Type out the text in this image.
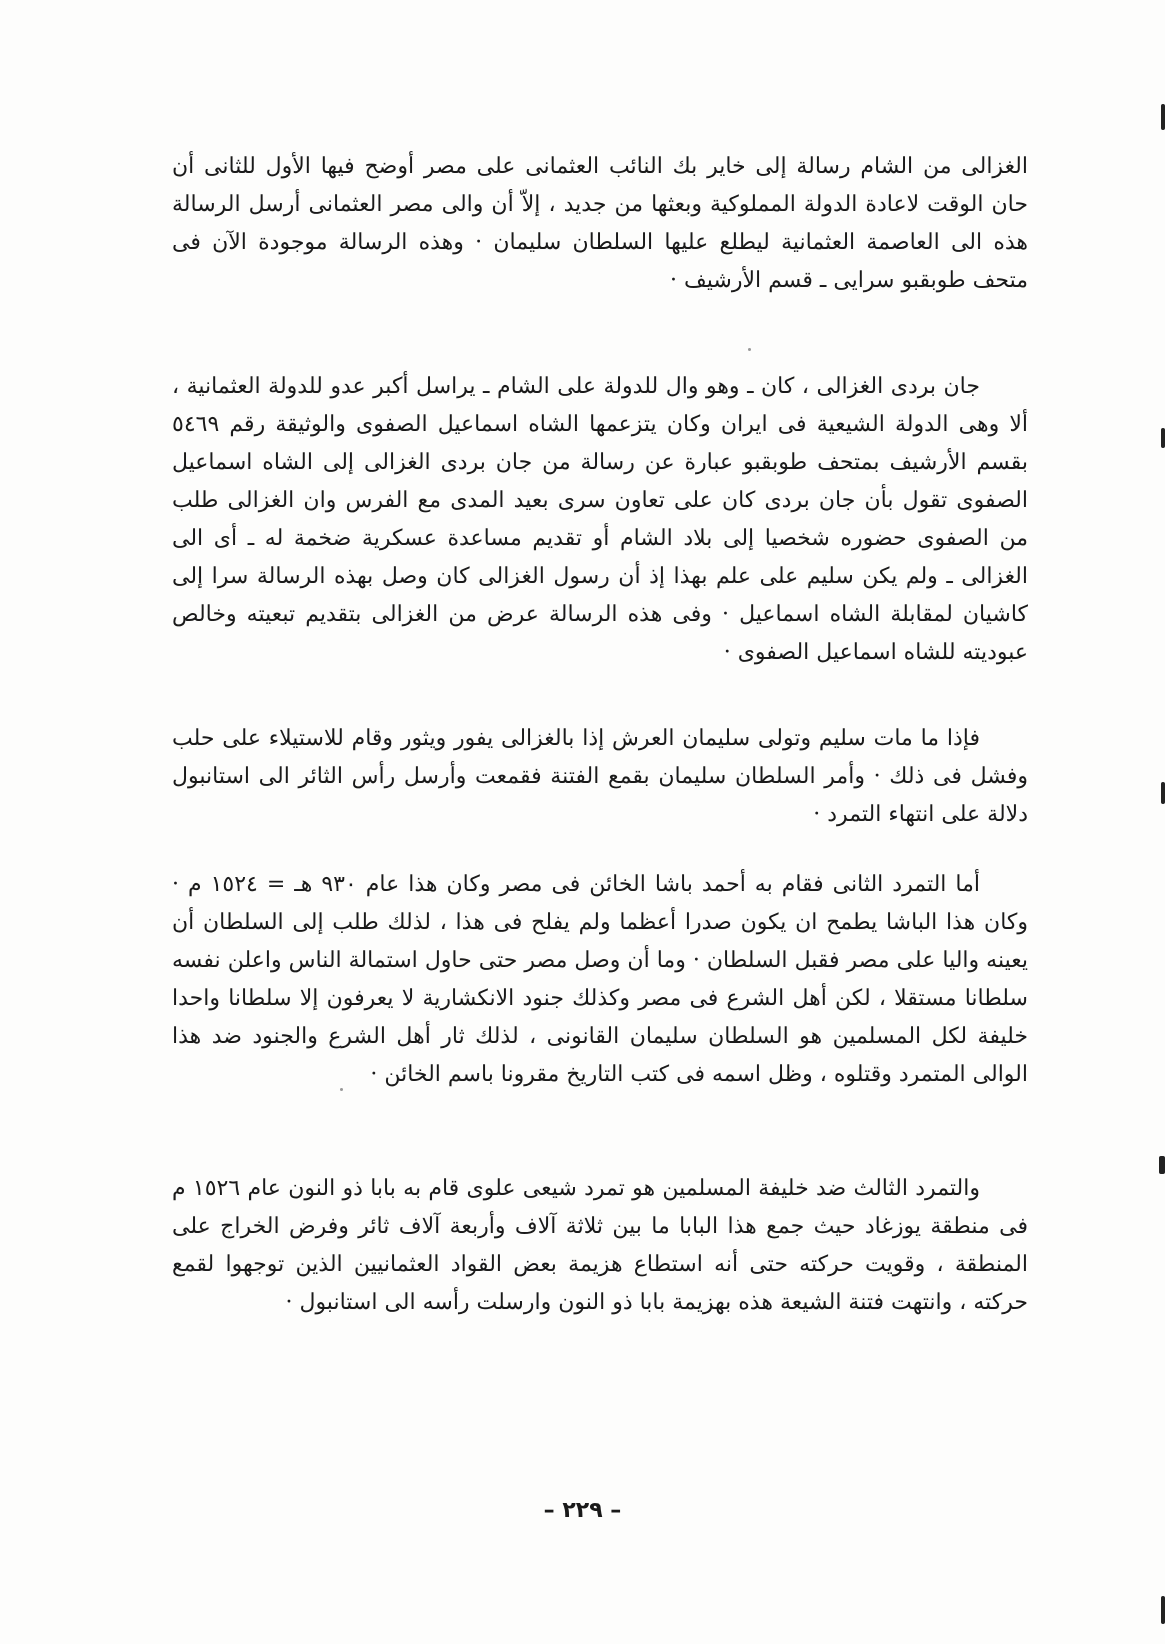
الغزالى من الشام رسالة إلى خاير بك النائب العثمانى على مصر أوضح فيها الأول للثانى أن حان الوقت لاعادة الدولة المملوكية وبعثها من جديد ، إلاّ أن والى مصر العثمانى أرسل الرسالة هذه الى العاصمة العثمانية ليطلع عليها السلطان سليمان · وهذه الرسالة موجودة الآن فى متحف طوبقبو سرايى ـ قسم الأرشيف ·

جان بردى الغزالى ، كان ـ وهو وال للدولة على الشام ـ يراسل أكبر عدو للدولة العثمانية ، ألا وهى الدولة الشيعية فى ايران وكان يتزعمها الشاه اسماعيل الصفوى والوثيقة رقم ٥٤٦٩ بقسم الأرشيف بمتحف طوبقبو عبارة عن رسالة من جان بردى الغزالى إلى الشاه اسماعيل الصفوى تقول بأن جان بردى كان على تعاون سرى بعيد المدى مع الفرس وان الغزالى طلب من الصفوى حضوره شخصيا إلى بلاد الشام أو تقديم مساعدة عسكرية ضخمة له ـ أى الى الغزالى ـ ولم يكن سليم على علم بهذا إذ أن رسول الغزالى كان وصل بهذه الرسالة سرا إلى كاشيان لمقابلة الشاه اسماعيل · وفى هذه الرسالة عرض من الغزالى بتقديم تبعيته وخالص عبوديته للشاه اسماعيل الصفوى ·

فإذا ما مات سليم وتولى سليمان العرش إذا بالغزالى يفور ويثور وقام للاستيلاء على حلب وفشل فى ذلك · وأمر السلطان سليمان بقمع الفتنة فقمعت وأرسل رأس الثائر الى استانبول دلالة على انتهاء التمرد ·

أما التمرد الثانى فقام به أحمد باشا الخائن فى مصر وكان هذا عام ٩٣٠ هـ = ١٥٢٤ م · وكان هذا الباشا يطمح ان يكون صدرا أعظما ولم يفلح فى هذا ، لذلك طلب إلى السلطان أن يعينه واليا على مصر فقبل السلطان · وما أن وصل مصر حتى حاول استمالة الناس واعلن نفسه سلطانا مستقلا ، لكن أهل الشرع فى مصر وكذلك جنود الانكشارية لا يعرفون إلا سلطانا واحدا خليفة لكل المسلمين هو السلطان سليمان القانونى ، لذلك ثار أهل الشرع والجنود ضد هذا الوالى المتمرد وقتلوه ، وظل اسمه فى كتب التاريخ مقرونا باسم الخائن ·

والتمرد الثالث ضد خليفة المسلمين هو تمرد شيعى علوى قام به بابا ذو النون عام ١٥٢٦ م فى منطقة يوزغاد حيث جمع هذا البابا ما بين ثلاثة آلاف وأربعة آلاف ثائر وفرض الخراج على المنطقة ، وقويت حركته حتى أنه استطاع هزيمة بعض القواد العثمانيين الذين توجهوا لقمع حركته ، وانتهت فتنة الشيعة هذه بهزيمة بابا ذو النون وارسلت رأسه الى استانبول ·

– ٢٢٩ –
